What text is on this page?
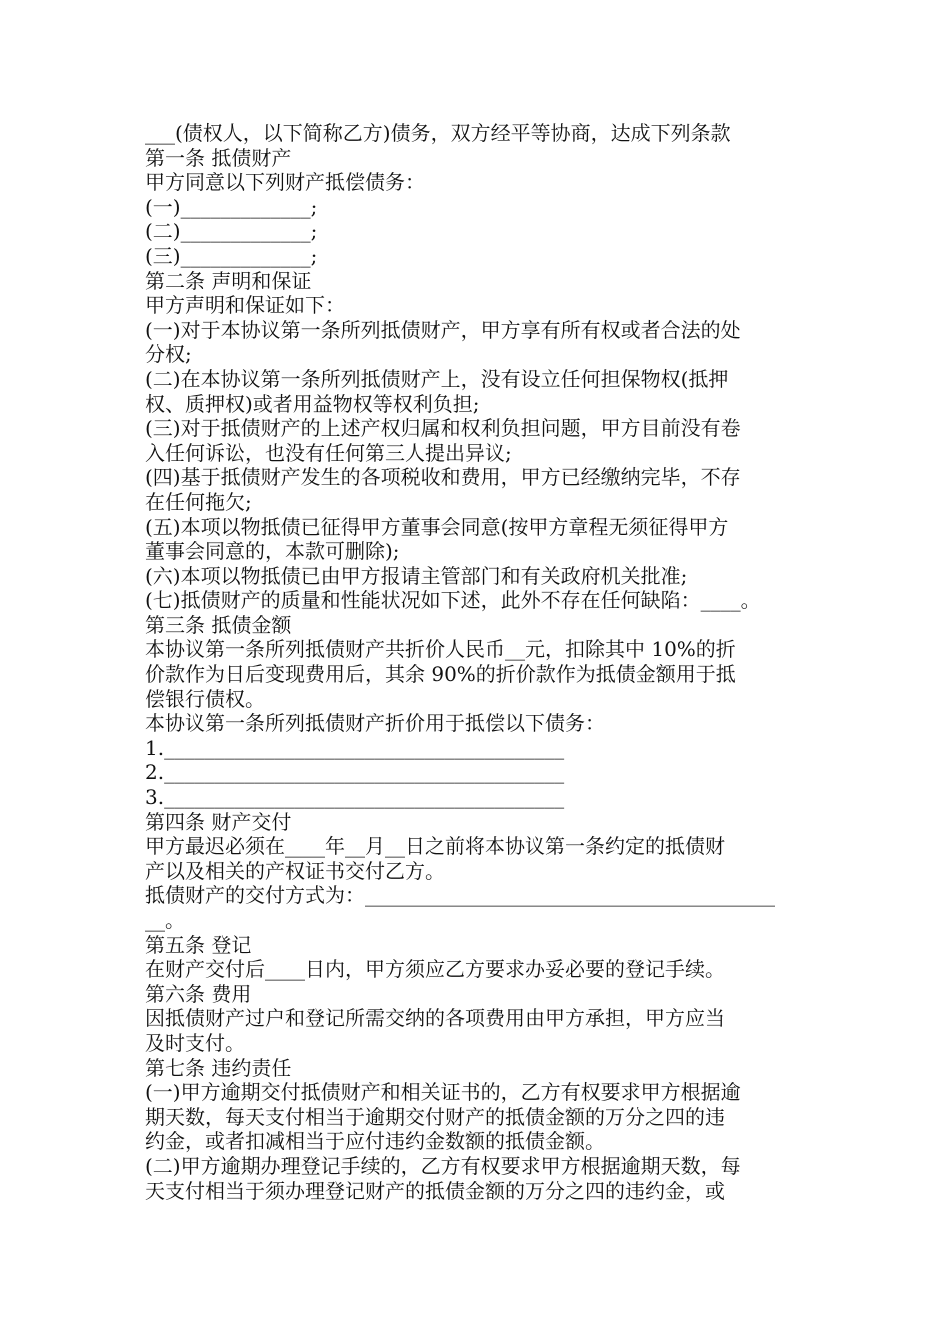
___(债权人，以下简称乙方)债务，双方经平等协商，达成下列条款
第一条 抵债财产
甲方同意以下列财产抵偿债务：
(一)_____________;
(二)_____________;
(三)_____________;
第二条 声明和保证
甲方声明和保证如下：
(一)对于本协议第一条所列抵债财产，甲方享有所有权或者合法的处
分权;
(二)在本协议第一条所列抵债财产上，没有设立任何担保物权(抵押
权、质押权)或者用益物权等权利负担;
(三)对于抵债财产的上述产权归属和权利负担问题，甲方目前没有卷
入任何诉讼，也没有任何第三人提出异议;
(四)基于抵债财产发生的各项税收和费用，甲方已经缴纳完毕，不存
在任何拖欠;
(五)本项以物抵债已征得甲方董事会同意(按甲方章程无须征得甲方
董事会同意的，本款可删除);
(六)本项以物抵债已由甲方报请主管部门和有关政府机关批准;
(七)抵债财产的质量和性能状况如下述，此外不存在任何缺陷：____。
第三条 抵债金额
本协议第一条所列抵债财产共折价人民币__元，扣除其中 10%的折
价款作为日后变现费用后，其余 90%的折价款作为抵债金额用于抵
偿银行债权。
本协议第一条所列抵债财产折价用于抵偿以下债务：
1.________________________________________
2.________________________________________
3.________________________________________
第四条 财产交付
甲方最迟必须在____年__月__日之前将本协议第一条约定的抵债财
产以及相关的产权证书交付乙方。
抵债财产的交付方式为：_________________________________________
__。
第五条 登记
在财产交付后____日内，甲方须应乙方要求办妥必要的登记手续。
第六条 费用
因抵债财产过户和登记所需交纳的各项费用由甲方承担，甲方应当
及时支付。
第七条 违约责任
(一)甲方逾期交付抵债财产和相关证书的，乙方有权要求甲方根据逾
期天数，每天支付相当于逾期交付财产的抵债金额的万分之四的违
约金，或者扣减相当于应付违约金数额的抵债金额。
(二)甲方逾期办理登记手续的，乙方有权要求甲方根据逾期天数，每
天支付相当于须办理登记财产的抵债金额的万分之四的违约金，或
